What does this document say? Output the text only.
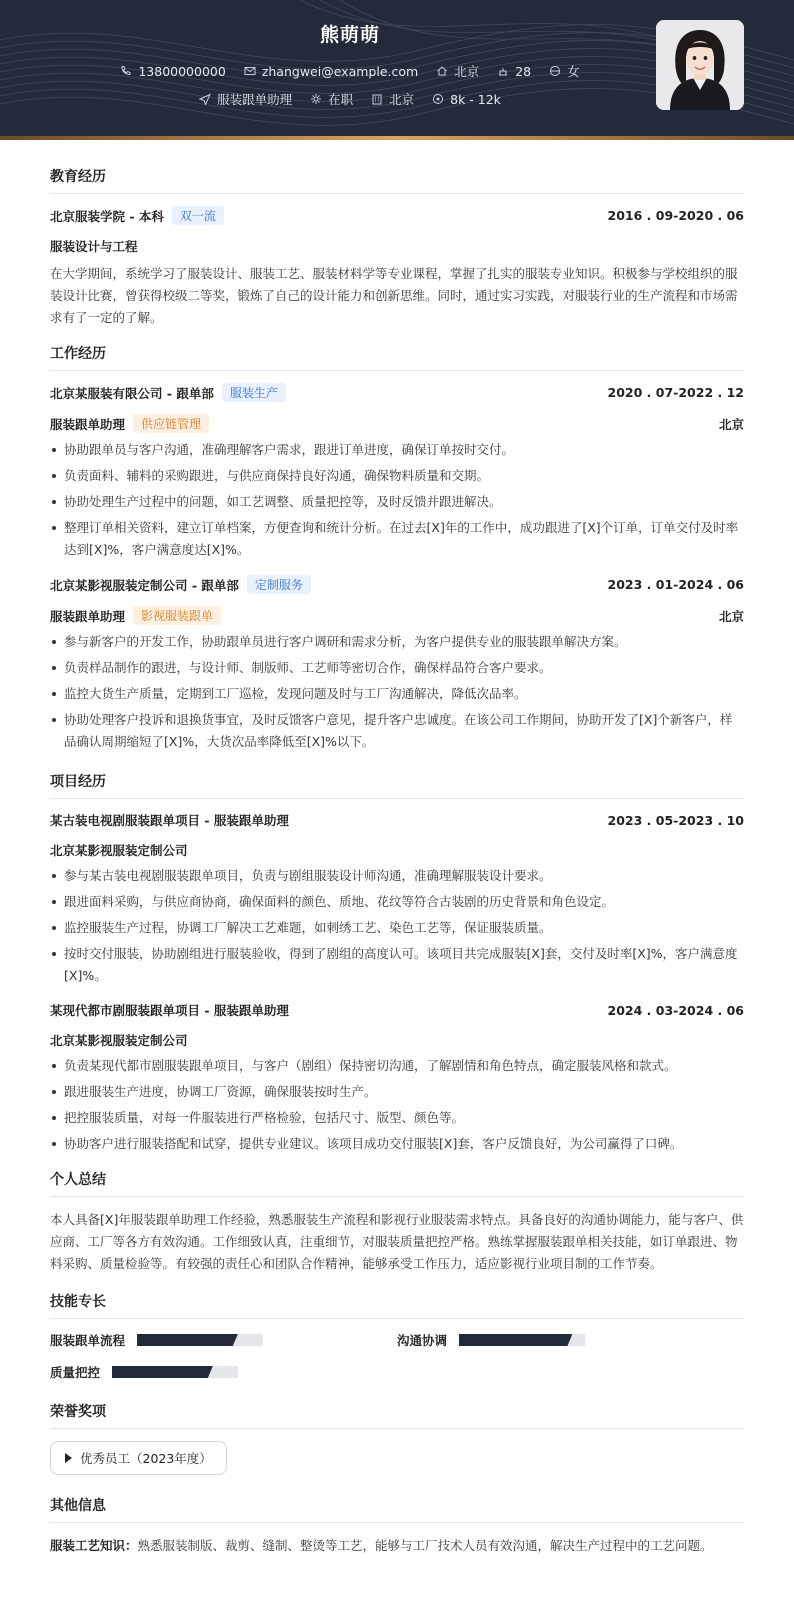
熊萌萌
13800000000	zhangwei@example.com	北京	28	女
服装跟单助理	在职	北京	8k - 12k
教育经历
北京服装学院 - 本科	双一流	2016 . 09-2020 . 06
服装设计与工程
在大学期间，系统学习了服装设计、服装工艺、服装材料学等专业课程，掌握了扎实的服装专业知识。积极参与学校组织的服装设计比赛，曾获得校级二等奖，锻炼了自己的设计能力和创新思维。同时，通过实习实践，对服装行业的生产流程和市场需求有了一定的了解。
工作经历
北京某服装有限公司 - 跟单部	服装生产	2020 . 07-2022 . 12
服装跟单助理	供应链管理	北京
协助跟单员与客户沟通，准确理解客户需求，跟进订单进度，确保订单按时交付。
负责面料、辅料的采购跟进，与供应商保持良好沟通，确保物料质量和交期。
协助处理生产过程中的问题，如工艺调整、质量把控等，及时反馈并跟进解决。
整理订单相关资料，建立订单档案，方便查询和统计分析。在过去[X]年的工作中，成功跟进了[X]个订单，订单交付及时率达到[X]%，客户满意度达[X]%。
北京某影视服装定制公司 - 跟单部	定制服务	2023 . 01-2024 . 06
服装跟单助理	影视服装跟单	北京
参与新客户的开发工作，协助跟单员进行客户调研和需求分析，为客户提供专业的服装跟单解决方案。
负责样品制作的跟进，与设计师、制版师、工艺师等密切合作，确保样品符合客户要求。
监控大货生产质量，定期到工厂巡检，发现问题及时与工厂沟通解决，降低次品率。
协助处理客户投诉和退换货事宜，及时反馈客户意见，提升客户忠诚度。在该公司工作期间，协助开发了[X]个新客户，样品确认周期缩短了[X]%，大货次品率降低至[X]%以下。
项目经历
某古装电视剧服装跟单项目 - 服装跟单助理	2023 . 05-2023 . 10
北京某影视服装定制公司
参与某古装电视剧服装跟单项目，负责与剧组服装设计师沟通，准确理解服装设计要求。
跟进面料采购，与供应商协商，确保面料的颜色、质地、花纹等符合古装剧的历史背景和角色设定。
监控服装生产过程，协调工厂解决工艺难题，如刺绣工艺、染色工艺等，保证服装质量。
按时交付服装，协助剧组进行服装验收，得到了剧组的高度认可。该项目共完成服装[X]套，交付及时率[X]%，客户满意度[X]%。
某现代都市剧服装跟单项目 - 服装跟单助理	2024 . 03-2024 . 06
北京某影视服装定制公司
负责某现代都市剧服装跟单项目，与客户（剧组）保持密切沟通，了解剧情和角色特点，确定服装风格和款式。
跟进服装生产进度，协调工厂资源，确保服装按时生产。
把控服装质量，对每一件服装进行严格检验，包括尺寸、版型、颜色等。
协助客户进行服装搭配和试穿，提供专业建议。该项目成功交付服装[X]套，客户反馈良好，为公司赢得了口碑。
个人总结
本人具备[X]年服装跟单助理工作经验，熟悉服装生产流程和影视行业服装需求特点。具备良好的沟通协调能力，能与客户、供应商、工厂等各方有效沟通。工作细致认真，注重细节，对服装质量把控严格。熟练掌握服装跟单相关技能，如订单跟进、物料采购、质量检验等。有较强的责任心和团队合作精神，能够承受工作压力，适应影视行业项目制的工作节奏。
技能专长
服装跟单流程	沟通协调
质量把控
荣誉奖项
优秀员工（2023年度）
其他信息
服装工艺知识：熟悉服装制版、裁剪、缝制、整烫等工艺，能够与工厂技术人员有效沟通，解决生产过程中的工艺问题。
